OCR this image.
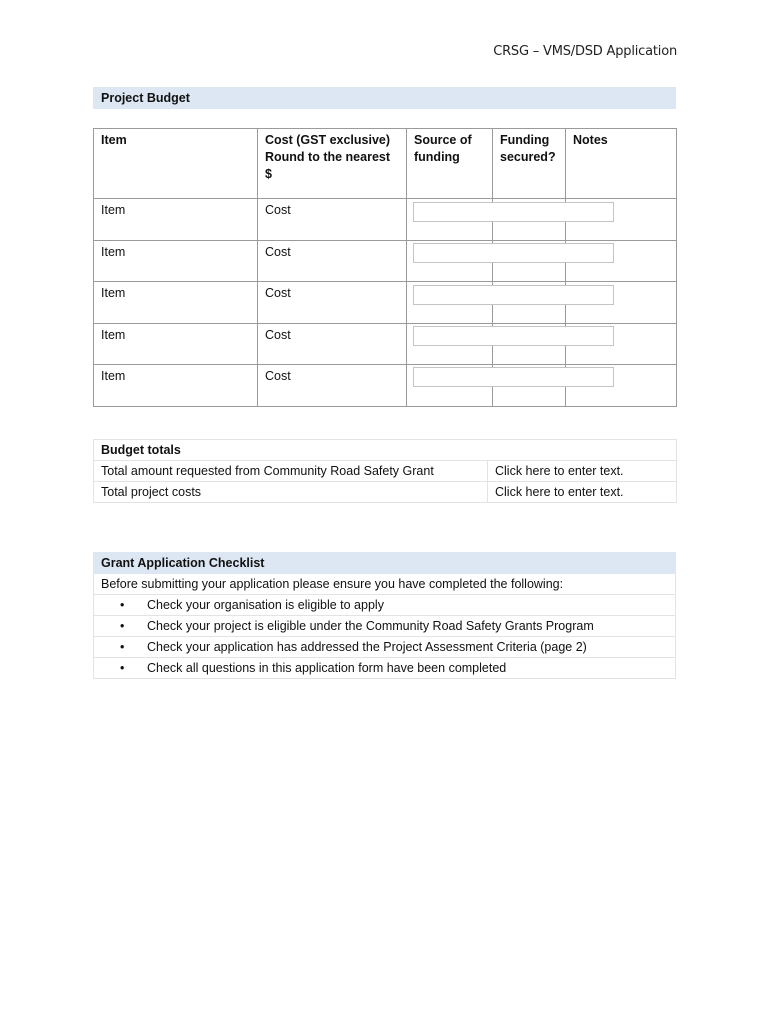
CRSG – VMS/DSD Application
Project Budget
Item	Cost (GST exclusive) Round to the nearest $	Source of funding	Funding secured?	Notes
Item	Cost			
Item	Cost			
Item	Cost			
Item	Cost			
Item	Cost			
Budget totals	
Total amount requested from Community Road Safety Grant	Click here to enter text.
Total project costs	Click here to enter text.
Grant Application Checklist
Before submitting your application please ensure you have completed the following:
• Check your organisation is eligible to apply
• Check your project is eligible under the Community Road Safety Grants Program
• Check your application has addressed the Project Assessment Criteria (page 2)
• Check all questions in this application form have been completed
